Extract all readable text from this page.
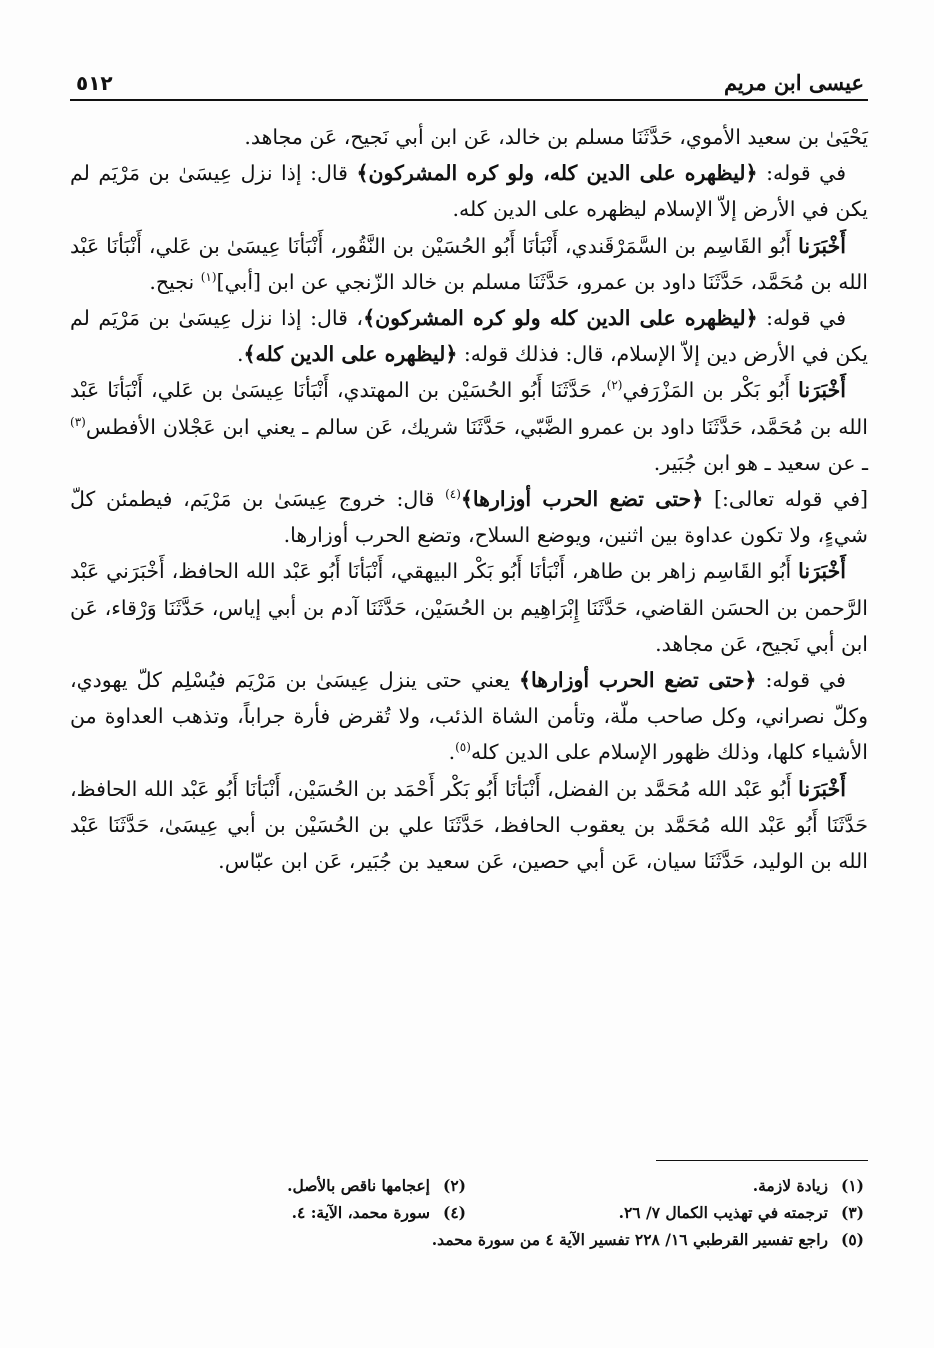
عيسى ابن مريم
٥١٢

يَحْيَىٰ بن سعيد الأموي، حَدَّثَنَا مسلم بن خالد، عَن ابن أبي نَجيح، عَن مجاهد.

في قوله: ﴿ليظهره على الدين كله، ولو كره المشركون﴾ قال: إذا نزل عِيسَىٰ بن مَرْيَم لم يكن في الأرض إلاّ الإسلام ليظهره على الدين كله.

أَخْبَرَنا أَبُو القَاسِم بن السَّمَرْقَندي، أَنْبَأنَا أَبُو الحُسَيْن بن النَّقُور، أَنْبَأنَا عِيسَىٰ بن عَلي، أَنْبَأنَا عَبْد الله بن مُحَمَّد، حَدَّثَنَا داود بن عمرو، حَدَّثَنَا مسلم بن خالد الزّنجي عن ابن [أبي]$^{(١)}$ نجيح.

في قوله: ﴿ليظهره على الدين كله ولو كره المشركون﴾، قال: إذا نزل عِيسَىٰ بن مَرْيَم لم يكن في الأرض دين إلاّ الإسلام، قال: فذلك قوله: ﴿ليظهره على الدين كله﴾.

أَخْبَرَنا أَبُو بَكْر بن المَزْرَفي$^{(٢)}$، حَدَّثَنَا أَبُو الحُسَيْن بن المهتدي، أَنْبَأنَا عِيسَىٰ بن عَلي، أَنْبَأنَا عَبْد الله بن مُحَمَّد، حَدَّثَنَا داود بن عمرو الضَّبّي، حَدَّثَنَا شريك، عَن سالم ـ يعني ابن عَجْلان الأفطس$^{(٣)}$ ـ عن سعيد ـ هو ابن جُبَير.

[في قوله تعالى:] ﴿حتى تضع الحرب أوزارها﴾$^{(٤)}$ قال: خروج عِيسَىٰ بن مَرْيَم، فيطمئن كلّ شيءٍ، ولا تكون عداوة بين اثنين، ويوضع السلاح، وتضع الحرب أوزارها.

أَخْبَرَنا أَبُو القَاسِم زاهر بن طاهر، أَنْبَأنَا أَبُو بَكْر البيهقي، أَنْبَأنَا أَبُو عَبْد الله الحافظ، أَخْبَرَني عَبْد الرَّحمن بن الحسَن القاضي، حَدَّثَنَا إِبْرَاهِيم بن الحُسَيْن، حَدَّثَنَا آدم بن أبي إياس، حَدَّثَنَا وَرْقاء، عَن ابن أبي نَجيح، عَن مجاهد.

في قوله: ﴿حتى تضع الحرب أوزارها﴾ يعني حتى ينزل عِيسَىٰ بن مَرْيَم فيُسْلِم كلّ يهودي، وكلّ نصراني، وكل صاحب ملّة، وتأمن الشاة الذئب، ولا تُقرض فأرة جراباً، وتذهب العداوة من الأشياء كلها، وذلك ظهور الإسلام على الدين كله$^{(٥)}$.

أَخْبَرَنا أَبُو عَبْد الله مُحَمَّد بن الفضل، أَنْبَأنَا أَبُو بَكْر أَحْمَد بن الحُسَيْن، أَنْبَأنَا أَبُو عَبْد الله الحافظ، حَدَّثَنَا أَبُو عَبْد الله مُحَمَّد بن يعقوب الحافظ، حَدَّثَنَا علي بن الحُسَيْن بن أبي عِيسَىٰ، حَدَّثَنَا عَبْد الله بن الوليد، حَدَّثَنَا سيان، عَن أبي حصين، عَن سعيد بن جُبَير، عَن ابن عبّاس.

(١)زيادة لازمة.
(٢)إعجامها ناقص بالأصل.
(٣)ترجمته في تهذيب الكمال ٧/ ٢٦.
(٤)سورة محمد، الآية: ٤.
(٥)راجع تفسير القرطبي ١٦/ ٢٢٨ تفسير الآية ٤ من سورة محمد.
